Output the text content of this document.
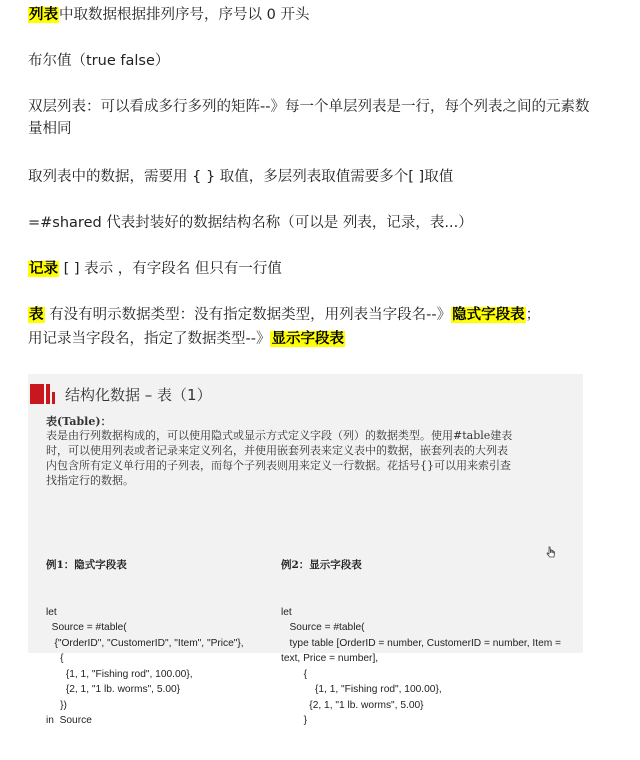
列表中取数据根据排列序号，序号以 0 开头
布尔值（true false）
双层列表：可以看成多行多列的矩阵--》每一个单层列表是一行，每个列表之间的元素数量相同
取列表中的数据，需要用 { } 取值，多层列表取值需要多个[ ]取值
=#shared 代表封装好的数据结构名称（可以是 列表，记录，表...）
记录 [ ] 表示 ，有字段名 但只有一行值
表 有没有明示数据类型：没有指定数据类型，用列表当字段名--》隐式字段表；
用记录当字段名，指定了数据类型--》显示字段表
结构化数据 – 表（1）
表(Table)：
表是由行列数据构成的，可以使用隐式或显示方式定义字段（列）的数据类型。使用#table建表时，可以使用列表或者记录来定义列名，并使用嵌套列表来定义表中的数据，嵌套列表的大列表内包含所有定义单行用的子列表，而每个子列表则用来定义一行数据。花括号{}可以用来索引查找指定行的数据。

例1：隐式字段表

let
Source = #table(
{"OrderID", "CustomerID", "Item", "Price"},
{
{1, 1, "Fishing rod", 100.00},
{2, 1, "1 lb. worms", 5.00}
})
in  Source

例2：显示字段表

let
Source = #table(
type table [OrderID = number, CustomerID = number, Item =
text, Price = number],
{
{1, 1, "Fishing rod", 100.00},
{2, 1, "1 lb. worms", 5.00}
}
